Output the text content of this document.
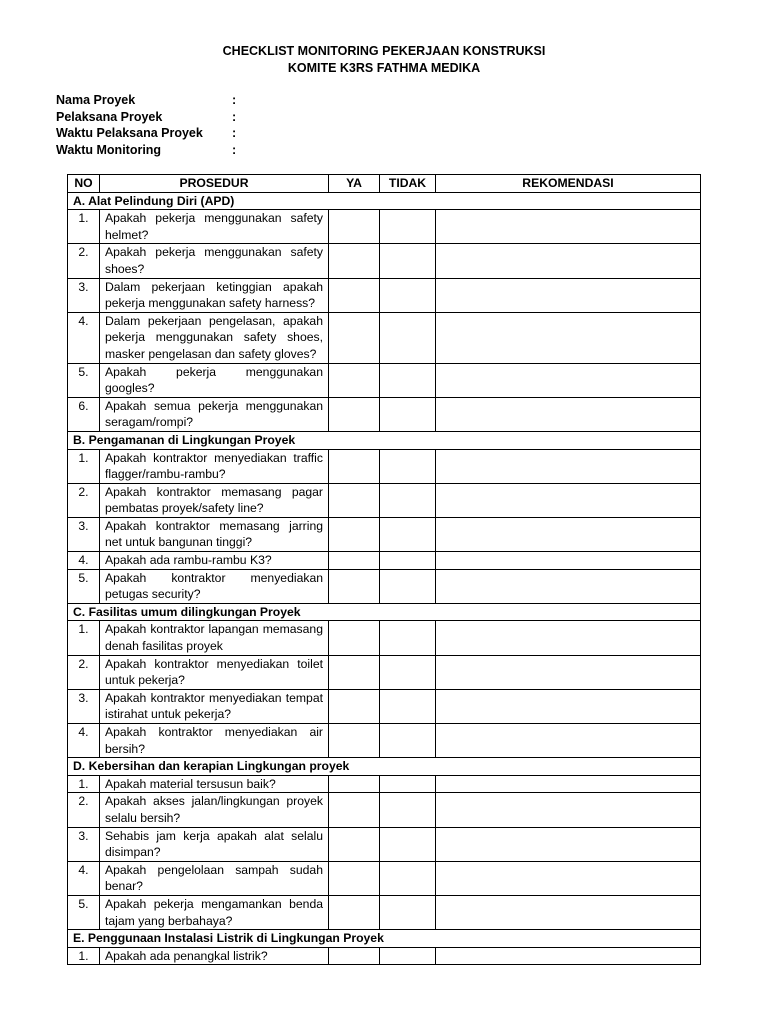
CHECKLIST MONITORING PEKERJAAN KONSTRUKSI
KOMITE K3RS FATHMA MEDIKA
Nama Proyek	:
Pelaksana Proyek	:
Waktu Pelaksana Proyek	:
Waktu Monitoring	:
NO	PROSEDUR	YA	TIDAK	REKOMENDASI
A. Alat Pelindung Diri (APD)				
1.	Apakah pekerja menggunakan safety helmet?			
2.	Apakah pekerja menggunakan safety shoes?			
3.	Dalam pekerjaan ketinggian apakah pekerja menggunakan safety harness?			
4.	Dalam pekerjaan pengelasan, apakah pekerja menggunakan safety shoes, masker pengelasan dan safety gloves?			
5.	Apakah pekerja menggunakan googles?			
6.	Apakah semua pekerja menggunakan seragam/rompi?			
B. Pengamanan di Lingkungan Proyek				
1.	Apakah kontraktor menyediakan traffic flagger/rambu-rambu?			
2.	Apakah kontraktor memasang pagar pembatas proyek/safety line?			
3.	Apakah kontraktor memasang jarring net untuk bangunan tinggi?			
4.	Apakah ada rambu-rambu K3?			
5.	Apakah kontraktor menyediakan petugas security?			
C. Fasilitas umum dilingkungan Proyek				
1.	Apakah kontraktor lapangan memasang denah fasilitas proyek			
2.	Apakah kontraktor menyediakan toilet untuk pekerja?			
3.	Apakah kontraktor menyediakan tempat istirahat untuk pekerja?			
4.	Apakah kontraktor menyediakan air bersih?			
D. Kebersihan dan kerapian Lingkungan proyek				
1.	Apakah material tersusun baik?			
2.	Apakah akses jalan/lingkungan proyek selalu bersih?			
3.	Sehabis jam kerja apakah alat selalu disimpan?			
4.	Apakah pengelolaan sampah sudah benar?			
5.	Apakah pekerja mengamankan benda tajam yang berbahaya?			
E. Penggunaan Instalasi Listrik di Lingkungan Proyek				
1.	Apakah ada penangkal listrik?			
